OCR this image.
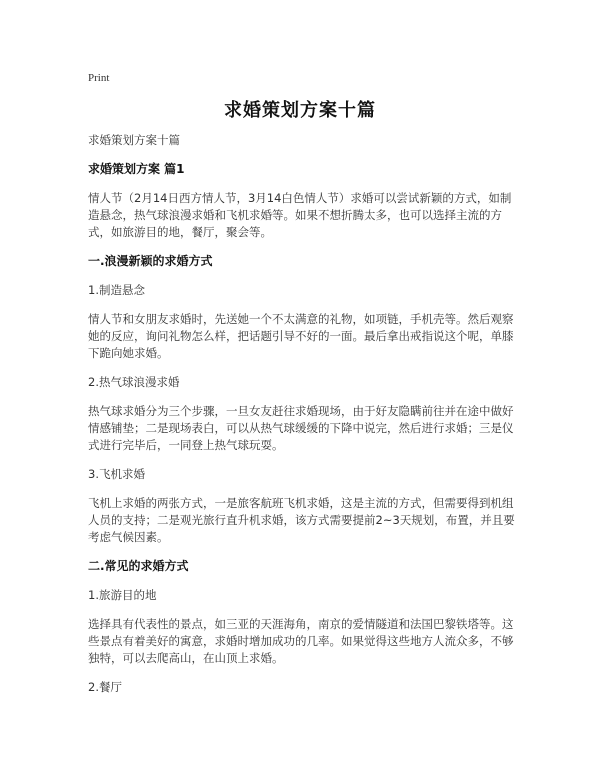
Print
求婚策划方案十篇

求婚策划方案十篇

求婚策划方案 篇1

情人节（2月14日西方情人节，3月14白色情人节）求婚可以尝试新颖的方式，如制造悬念，热气球浪漫求婚和飞机求婚等。如果不想折腾太多，也可以选择主流的方式，如旅游目的地，餐厅，聚会等。

一.浪漫新颖的求婚方式

1.制造悬念

情人节和女朋友求婚时，先送她一个不太满意的礼物，如项链，手机壳等。然后观察她的反应，询问礼物怎么样，把话题引导不好的一面。最后拿出戒指说这个呢，单膝下跪向她求婚。

2.热气球浪漫求婚

热气球求婚分为三个步骤，一旦女友赶往求婚现场，由于好友隐瞒前往并在途中做好情感铺垫；二是现场表白，可以从热气球缓缓的下降中说完，然后进行求婚；三是仪式进行完毕后，一同登上热气球玩耍。

3.飞机求婚

飞机上求婚的两张方式，一是旅客航班飞机求婚，这是主流的方式，但需要得到机组人员的支持；二是观光旅行直升机求婚，该方式需要提前2~3天规划，布置，并且要考虑气候因素。

二.常见的求婚方式

1.旅游目的地

选择具有代表性的景点，如三亚的天涯海角，南京的爱情隧道和法国巴黎铁塔等。这些景点有着美好的寓意，求婚时增加成功的几率。如果觉得这些地方人流众多，不够独特，可以去爬高山，在山顶上求婚。

2.餐厅
